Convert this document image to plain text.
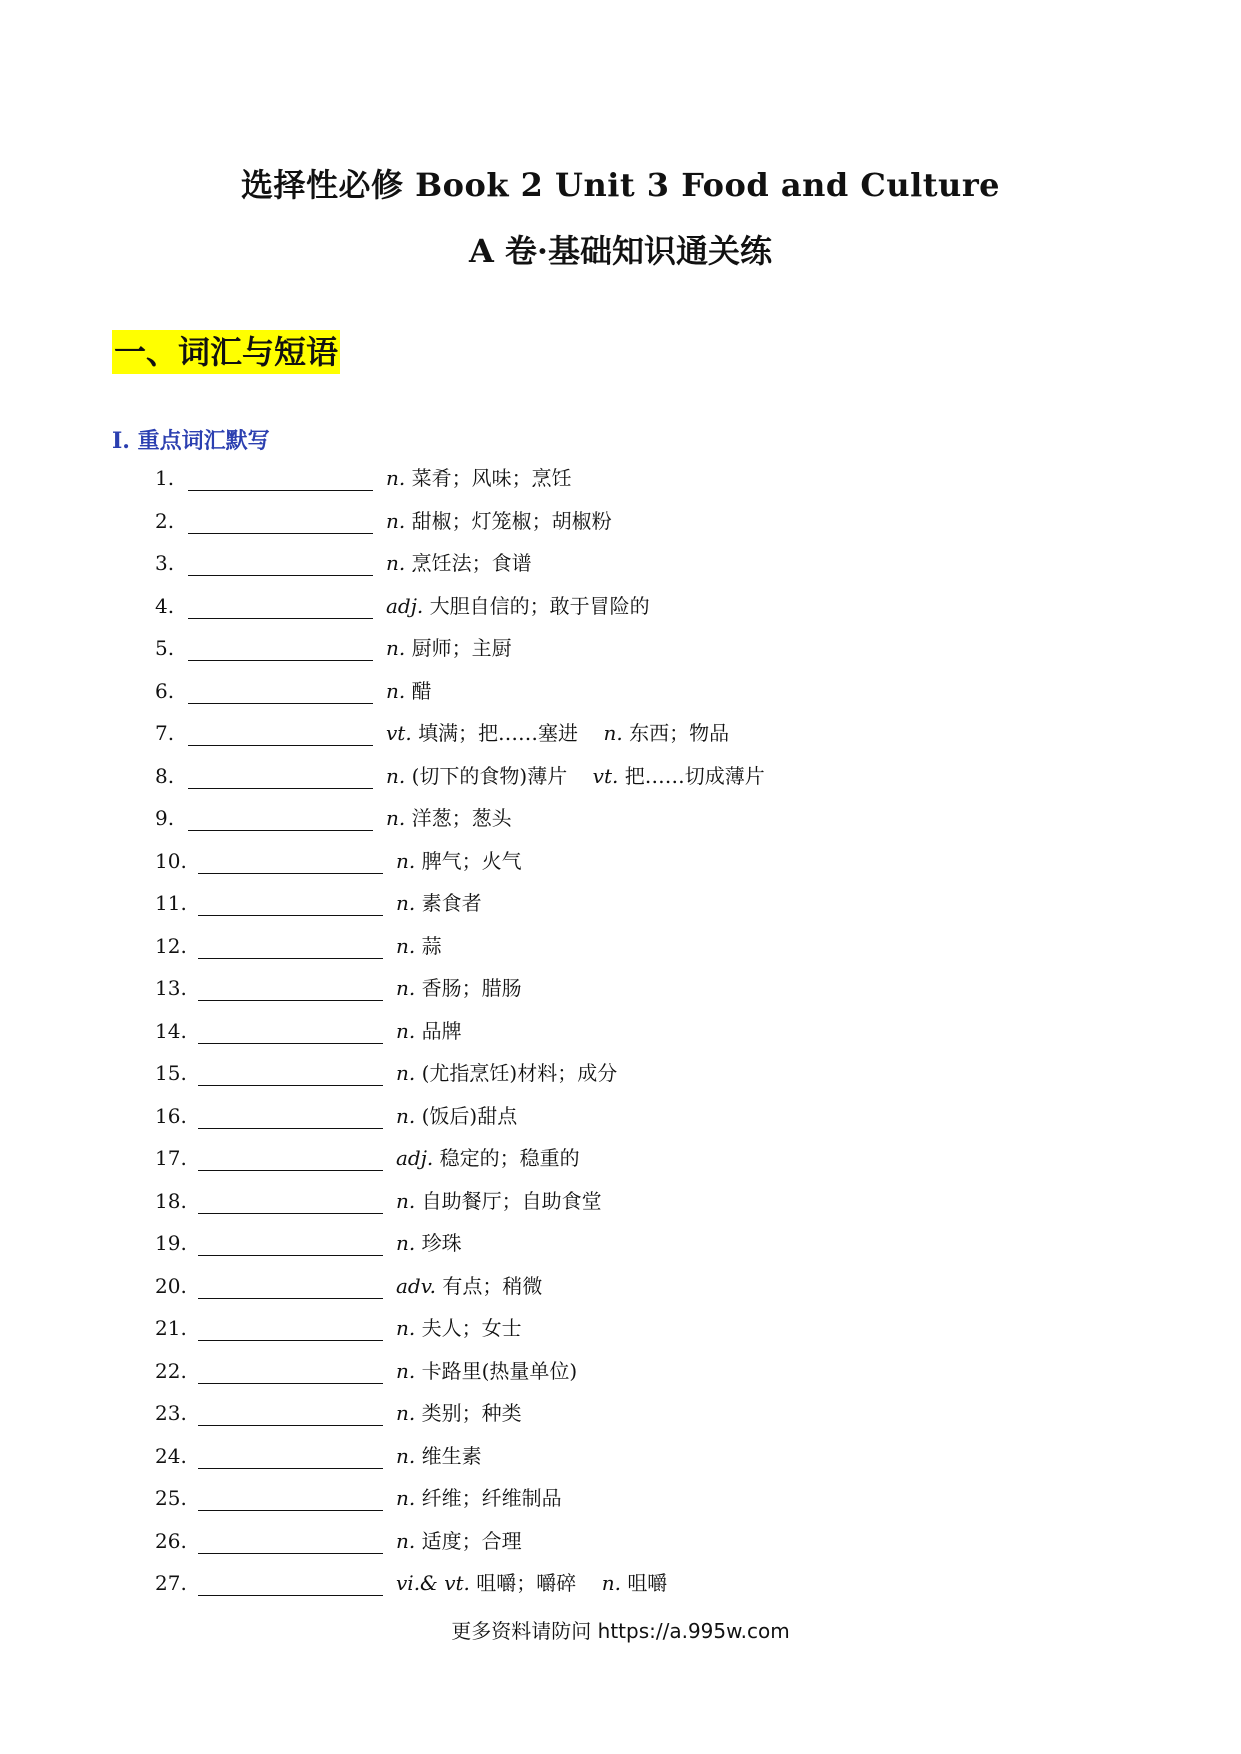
选择性必修 Book 2 Unit 3 Food and Culture
A 卷·基础知识通关练
一、词汇与短语
I. 重点词汇默写
1.	n. 菜肴；风味；烹饪
2.	n. 甜椒；灯笼椒；胡椒粉
3.	n. 烹饪法；食谱
4.	adj. 大胆自信的；敢于冒险的
5.	n. 厨师；主厨
6.	n. 醋
7.	vt. 填满；把……塞进 n. 东西；物品
8.	n. (切下的食物)薄片 vt. 把……切成薄片
9.	n. 洋葱；葱头
10.	n. 脾气；火气
11.	n. 素食者
12.	n. 蒜
13.	n. 香肠；腊肠
14.	n. 品牌
15.	n. (尤指烹饪)材料；成分
16.	n. (饭后)甜点
17.	adj. 稳定的；稳重的
18.	n. 自助餐厅；自助食堂
19.	n. 珍珠
20.	adv. 有点；稍微
21.	n. 夫人；女士
22.	n. 卡路里(热量单位)
23.	n. 类别；种类
24.	n. 维生素
25.	n. 纤维；纤维制品
26.	n. 适度；合理
27.	vi.& vt. 咀嚼；嚼碎 n. 咀嚼
更多资料请防问 https://a.995w.com
